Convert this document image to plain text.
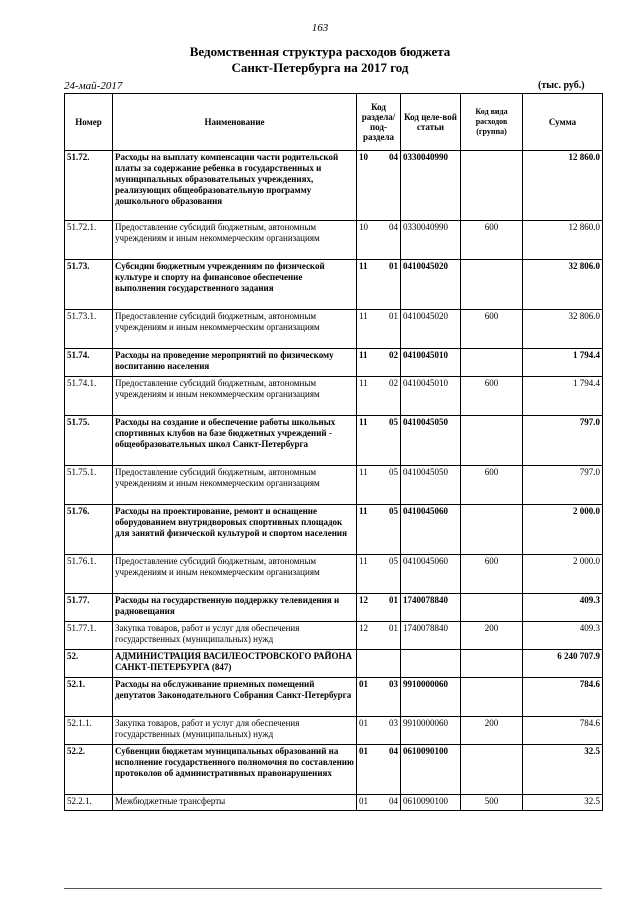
163
Ведомственная структура расходов бюджета
Санкт-Петербурга на 2017 год
24-май-2017	(тыс. руб.)
Номер	Наименование	Код раздела/ под-раздела	Код целе-вой статьи	Код вида расходов (группа)	Сумма
51.72.	Расходы на выплату компенсации части родительской платы за содержание ребенка в государственных и муниципальных образовательных учреждениях, реализующих общеобразовательную программу дошкольного образования	10 04	0330040990		12 860.0
51.72.1.	Предоставление субсидий бюджетным, автономным учреждениям и иным некоммерческим организациям	10 04	0330040990	600	12 860.0
51.73.	Субсидии бюджетным учреждениям по физической культуре и спорту на финансовое обеспечение выполнения государственного задания	11 01	0410045020		32 806.0
51.73.1.	Предоставление субсидий бюджетным, автономным учреждениям и иным некоммерческим организациям	11 01	0410045020	600	32 806.0
51.74.	Расходы на проведение мероприятий по физическому воспитанию населения	11 02	0410045010		1 794.4
51.74.1.	Предоставление субсидий бюджетным, автономным учреждениям и иным некоммерческим организациям	11 02	0410045010	600	1 794.4
51.75.	Расходы на создание и обеспечение работы школьных спортивных клубов на базе бюджетных учреждений - общеобразовательных школ Санкт-Петербурга	11 05	0410045050		797.0
51.75.1.	Предоставление субсидий бюджетным, автономным учреждениям и иным некоммерческим организациям	11 05	0410045050	600	797.0
51.76.	Расходы на проектирование, ремонт и оснащение оборудованием внутридворовых спортивных площадок для занятий физической культурой и спортом населения	11 05	0410045060		2 000.0
51.76.1.	Предоставление субсидий бюджетным, автономным учреждениям и иным некоммерческим организациям	11 05	0410045060	600	2 000.0
51.77.	Расходы на государственную поддержку телевидения и радиовещания	12 01	1740078840		409.3
51.77.1.	Закупка товаров, работ и услуг для обеспечения государственных (муниципальных) нужд	12 01	1740078840	200	409.3
52.	АДМИНИСТРАЦИЯ ВАСИЛЕОСТРОВСКОГО РАЙОНА САНКТ-ПЕТЕРБУРГА (847)				6 240 707.9
52.1.	Расходы на обслуживание приемных помещений депутатов Законодательного Собрания Санкт-Петербурга	01 03	9910000060		784.6
52.1.1.	Закупка товаров, работ и услуг для обеспечения государственных (муниципальных) нужд	01 03	9910000060	200	784.6
52.2.	Субвенции бюджетам муниципальных образований на исполнение государственного полномочия по составлению протоколов об административных правонарушениях	01 04	0610090100		32.5
52.2.1.	Межбюджетные трансферты	01 04	0610090100	500	32.5
